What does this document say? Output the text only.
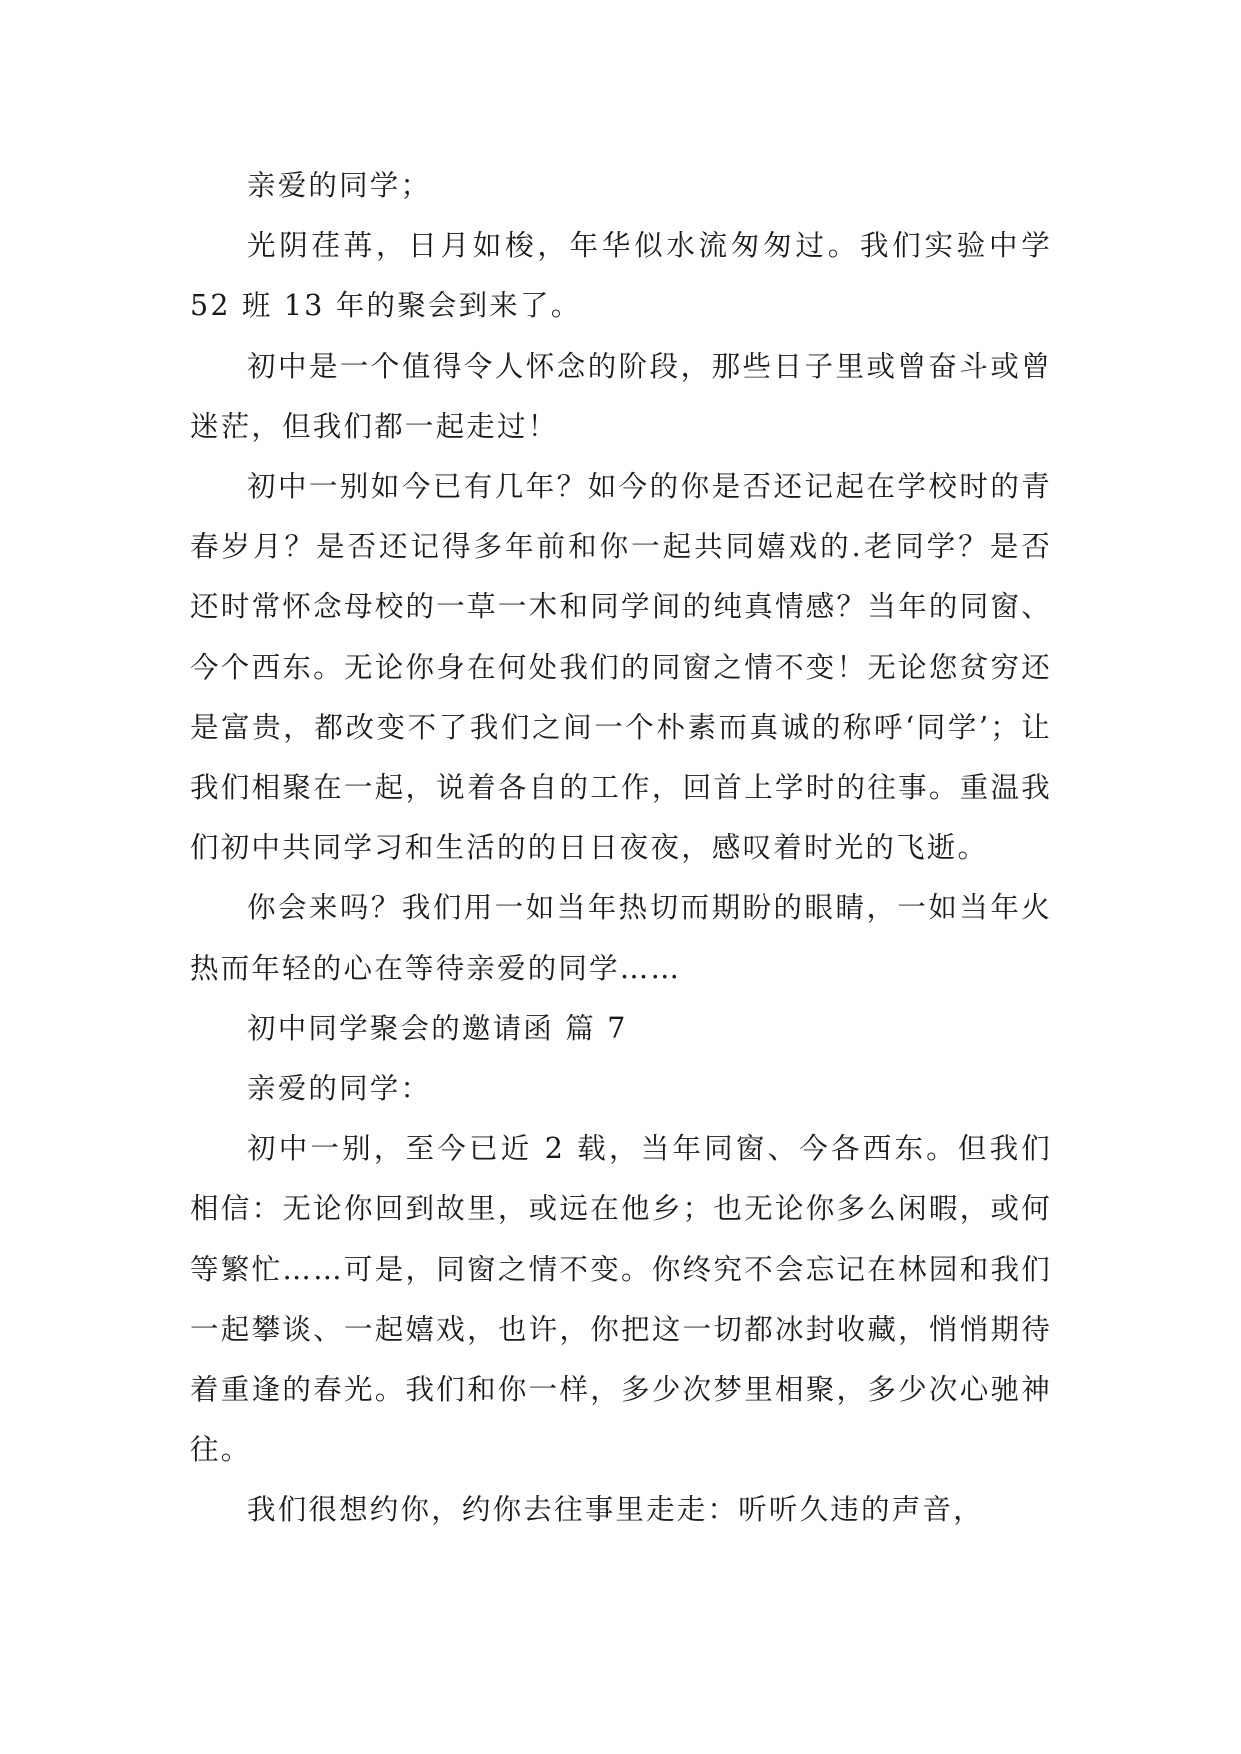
亲爱的同学；

光阴荏苒，日月如梭，年华似水流匆匆过。我们实验中学 52 班 13 年的聚会到来了。

初中是一个值得令人怀念的阶段，那些日子里或曾奋斗或曾迷茫，但我们都一起走过！

初中一别如今已有几年？如今的你是否还记起在学校时的青春岁月？是否还记得多年前和你一起共同嬉戏的.老同学？是否还时常怀念母校的一草一木和同学间的纯真情感？当年的同窗、今个西东。无论你身在何处我们的同窗之情不变！无论您贫穷还是富贵，都改变不了我们之间一个朴素而真诚的称呼‘同学’；让我们相聚在一起，说着各自的工作，回首上学时的往事。重温我们初中共同学习和生活的的日日夜夜，感叹着时光的飞逝。

你会来吗？我们用一如当年热切而期盼的眼睛，一如当年火热而年轻的心在等待亲爱的同学……

初中同学聚会的邀请函 篇 7

亲爱的同学：

初中一别，至今已近 2 载，当年同窗、今各西东。但我们相信：无论你回到故里，或远在他乡；也无论你多么闲暇，或何等繁忙……可是，同窗之情不变。你终究不会忘记在林园和我们一起攀谈、一起嬉戏，也许，你把这一切都冰封收藏，悄悄期待着重逢的春光。我们和你一样，多少次梦里相聚，多少次心驰神往。

我们很想约你，约你去往事里走走：听听久违的声音，
